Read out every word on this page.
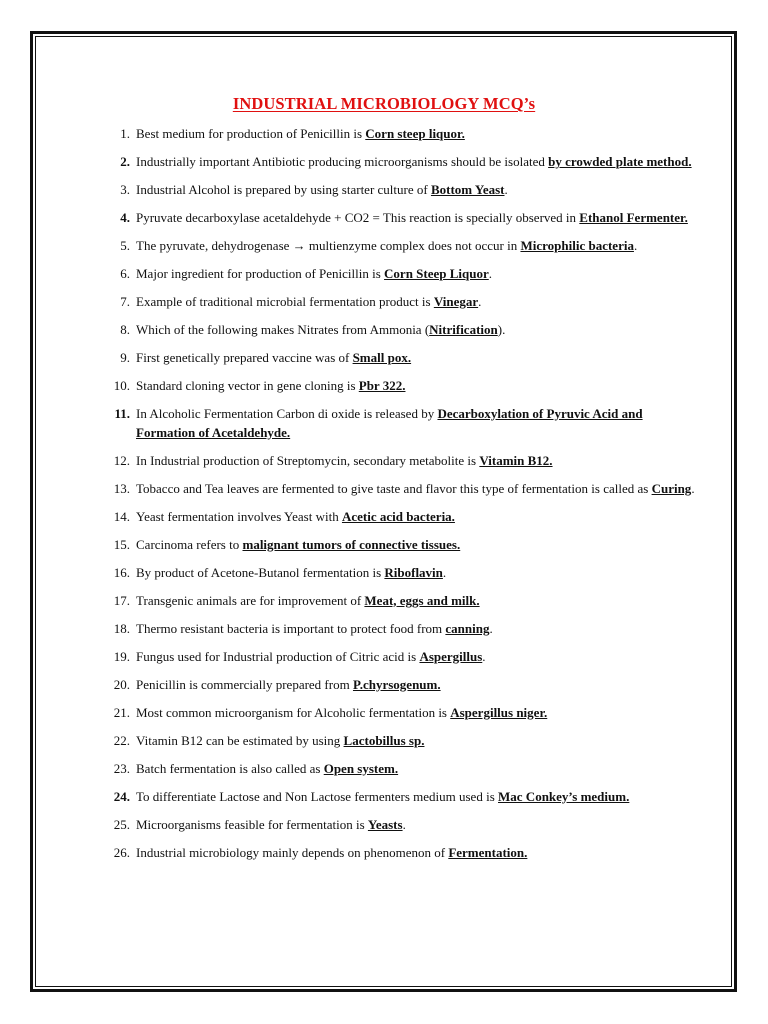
INDUSTRIAL MICROBIOLOGY MCQ’s
1. Best medium for production of Penicillin is Corn steep liquor.
2. Industrially important Antibiotic producing microorganisms should be isolated by crowded plate method.
3. Industrial Alcohol is prepared by using starter culture of Bottom Yeast.
4. Pyruvate decarboxylase acetaldehyde + CO2 = This reaction is specially observed in Ethanol Fermenter.
5. The pyruvate, dehydrogenase → multienzyme complex does not occur in Microphilic bacteria.
6. Major ingredient for production of Penicillin is Corn Steep Liquor.
7. Example of traditional microbial fermentation product is Vinegar.
8. Which of the following makes Nitrates from Ammonia (Nitrification).
9. First genetically prepared vaccine was of Small pox.
10. Standard cloning vector in gene cloning is Pbr 322.
11. In Alcoholic Fermentation Carbon di oxide is released by Decarboxylation of Pyruvic Acid and Formation of Acetaldehyde.
12. In Industrial production of Streptomycin, secondary metabolite is Vitamin B12.
13. Tobacco and Tea leaves are fermented to give taste and flavor this type of fermentation is called as Curing.
14. Yeast fermentation involves Yeast with Acetic acid bacteria.
15. Carcinoma refers to malignant tumors of connective tissues.
16. By product of Acetone-Butanol fermentation is Riboflavin.
17. Transgenic animals are for improvement of Meat, eggs and milk.
18. Thermo resistant bacteria is important to protect food from canning.
19. Fungus used for Industrial production of Citric acid is Aspergillus.
20. Penicillin is commercially prepared from P.chyrsogenum.
21. Most common microorganism for Alcoholic fermentation is Aspergillus niger.
22. Vitamin B12 can be estimated by using Lactobillus sp.
23. Batch fermentation is also called as Open system.
24. To differentiate Lactose and Non Lactose fermenters medium used is Mac Conkey’s medium.
25. Microorganisms feasible for fermentation is Yeasts.
26. Industrial microbiology mainly depends on phenomenon of Fermentation.
